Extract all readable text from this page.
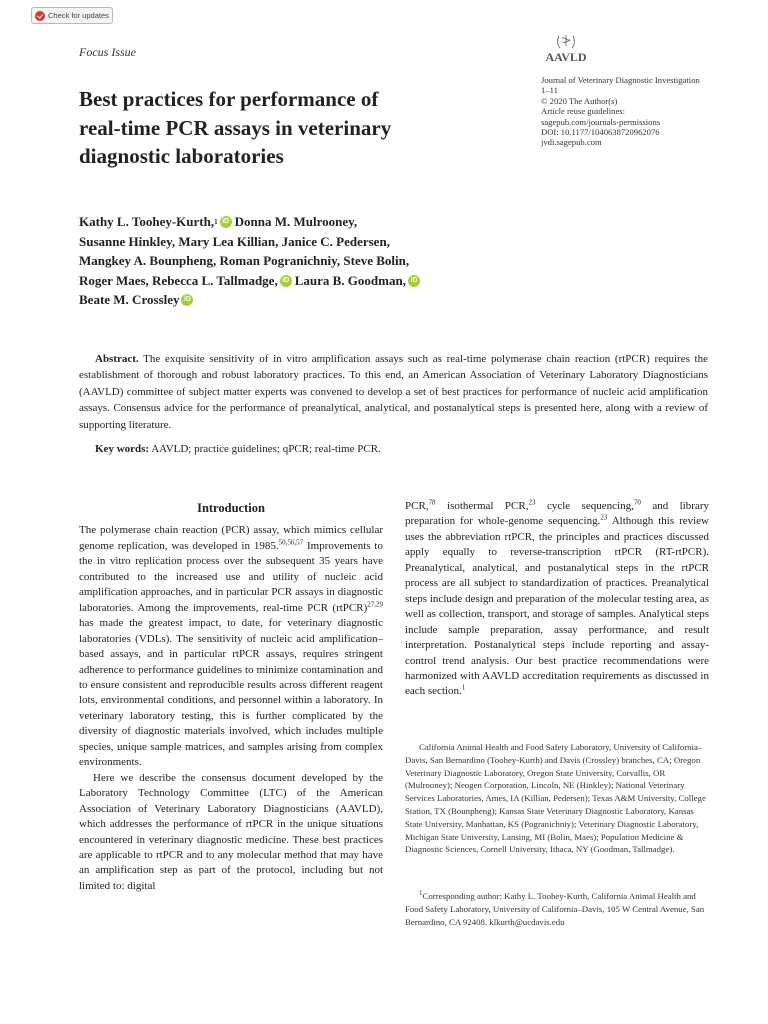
Check for updates
Focus Issue	AAVLD
Journal of Veterinary Diagnostic Investigation
1–11
© 2020 The Author(s)
Article reuse guidelines:
sagepub.com/journals-permissions
DOI: 10.1177/1040638720962076
jvdi.sagepub.com
Best practices for performance of
real-time PCR assays in veterinary
diagnostic laboratories
Kathy L. Toohey-Kurth, 1 iD Donna M. Mulrooney,
Susanne Hinkley, Mary Lea Killian, Janice C. Pedersen,
Mangkey A. Bounpheng, Roman Pogranichniy, Steve Bolin,
Roger Maes, Rebecca L. Tallmadge, iD Laura B. Goodman, iD
Beate M. Crossley iD
Abstract. The exquisite sensitivity of in vitro amplification assays such as real-time polymerase chain reaction (rtPCR) requires the establishment of thorough and robust laboratory practices. To this end, an American Association of Veterinary Laboratory Diagnosticians (AAVLD) committee of subject matter experts was convened to develop a set of best practices for performance of nucleic acid amplification assays. Consensus advice for the performance of preanalytical, analytical, and postanalytical steps is presented here, along with a review of supporting literature.
Key words: AAVLD; practice guidelines; qPCR; real-time PCR.
Introduction

The polymerase chain reaction (PCR) assay, which mimics cellular genome replication, was developed in 1985.$^{50,56,57}$ Improvements to the in vitro replication process over the subsequent 35 years have contributed to the increased use and utility of nucleic acid amplification approaches, and in particular PCR assays in diagnostic laboratories. Among the improvements, real-time PCR (rtPCR)$^{27,29}$ has made the greatest impact, to date, for veterinary diagnostic laboratories (VDLs). The sensitivity of nucleic acid amplification–based assays, and in particular rtPCR assays, requires stringent adherence to performance guidelines to minimize contamination and to ensure consistent and reproducible results across different reagent lots, environmental conditions, and personnel within a laboratory. In veterinary laboratory testing, this is further complicated by the diversity of diagnostic materials involved, which includes multiple species, unique sample matrices, and samples arising from complex environments.

Here we describe the consensus document developed by the Laboratory Technology Committee (LTC) of the American Association of Veterinary Laboratory Diagnosticians (AAVLD), which addresses the performance of rtPCR in the unique situations encountered in veterinary diagnostic medicine. These best practices are applicable to rtPCR and to any molecular method that may have an amplification step as part of the protocol, including but not limited to: digital

PCR,$^{78}$ isothermal PCR,$^{23}$ cycle sequencing,$^{70}$ and library preparation for whole-genome sequencing.$^{23}$ Although this review uses the abbreviation rtPCR, the principles and practices discussed apply equally to reverse-transcription rtPCR (RT-rtPCR). Preanalytical, analytical, and postanalytical steps in the rtPCR process are all subject to standardization of practices. Preanalytical steps include design and preparation of the molecular testing area, as well as collection, transport, and storage of samples. Analytical steps include sample preparation, assay performance, and result interpretation. Postanalytical steps include reporting and assay-control trend analysis. Our best practice recommendations were harmonized with AAVLD accreditation requirements as discussed in each section.$^1$

California Animal Health and Food Safety Laboratory, University of California–Davis, San Bernardino (Toohey-Kurth) and Davis (Crossley) branches, CA; Oregon Veterinary Diagnostic Laboratory, Oregon State University, Corvallis, OR (Mulrooney); Neogen Corporation, Lincoln, NE (Hinkley); National Veterinary Services Laboratories, Ames, IA (Killian, Pedersen); Texas A&M University, College Station, TX (Bounpheng); Kansas State Veterinary Diagnostic Laboratory, Kansas State University, Manhattan, KS (Pogranichniy); Veterinary Diagnostic Laboratory, Michigan State University, Lansing, MI (Bolin, Maes); Population Medicine & Diagnostic Sciences, Cornell University, Ithaca, NY (Goodman, Tallmadge).

$^1$Corresponding author: Kathy L. Toohey-Kurth, California Animal Health and Food Safety Laboratory, University of California–Davis, 105 W Central Avenue, San Bernardino, CA 92408. klkurth@ucdavis.edu
